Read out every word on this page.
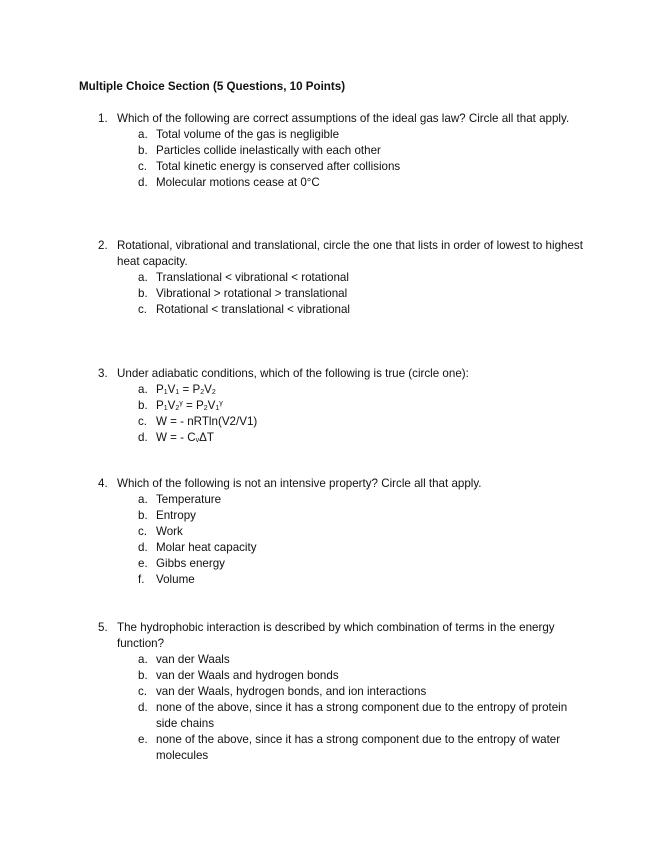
Multiple Choice Section (5 Questions, 10 Points)
1. Which of the following are correct assumptions of the ideal gas law? Circle all that apply.
a. Total volume of the gas is negligible
b. Particles collide inelastically with each other
c. Total kinetic energy is conserved after collisions
d. Molecular motions cease at 0°C
2. Rotational, vibrational and translational, circle the one that lists in order of lowest to highest heat capacity.
a. Translational < vibrational < rotational
b. Vibrational > rotational > translational
c. Rotational < translational < vibrational
3. Under adiabatic conditions, which of the following is true (circle one):
a. $P_1V_1 = P_2V_2$
b. $P_1V_2^\gamma = P_2V_1^\gamma$
c. W = - nRTln(V2/V1)
d. W = - $C_v\Delta T$
4. Which of the following is not an intensive property? Circle all that apply.
a. Temperature
b. Entropy
c. Work
d. Molar heat capacity
e. Gibbs energy
f. Volume
5. The hydrophobic interaction is described by which combination of terms in the energy function?
a. van der Waals
b. van der Waals and hydrogen bonds
c. van der Waals, hydrogen bonds, and ion interactions
d. none of the above, since it has a strong component due to the entropy of protein side chains
e. none of the above, since it has a strong component due to the entropy of water molecules
